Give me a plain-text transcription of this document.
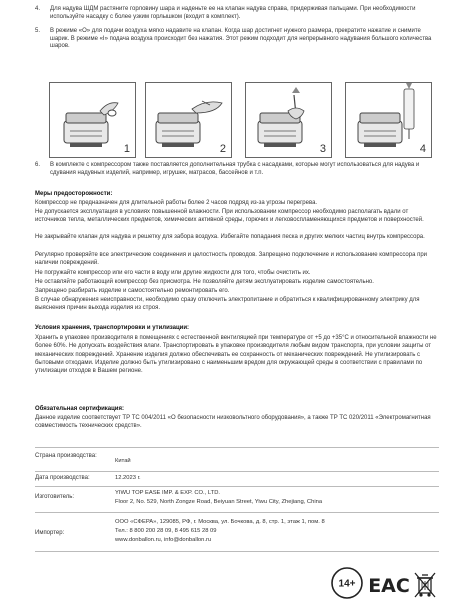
4. Для надува ШДМ растяните горловину шара и наденьте ее на клапан надува справа, придерживая пальцами. При необходимости используйте насадку с более узким горлышком (входит в комплект).
5. В режиме «О» для подачи воздуха мягко надавите на клапан. Когда шар достигнет нужного размера, прекратите нажатие и снимите шарик. В режиме «I» подача воздуха происходит без нажатия. Этот режим подходит для непрерывного надувания большого количества шаров.
1	2	3	4
6. В комплекте с компрессором также поставляется дополнительная трубка с насадками, которые могут использоваться для надува и сдувания надувных изделий, например, игрушек, матрасов, бассейнов и т.п.
Меры предосторожности:
Компрессор не предназначен для длительной работы более 2 часов подряд из-за угрозы перегрева.
Не допускается эксплуатация в условиях повышенной влажности. При использовании компрессор необходимо располагать вдали от источников тепла, металлических предметов, химических активной среды, горючих и легковоспламеняющихся предметов и поверхностей.
Не закрывайте клапан для надува и решетку для забора воздуха. Избегайте попадания песка и других мелких частиц внутрь компрессора.
Регулярно проверяйте все электрические соединения и целостность проводов. Запрещено подключение и использование компрессора при наличии повреждений.
Не погружайте компрессор или его части в воду или другие жидкости для того, чтобы очистить их.
Не оставляйте работающий компрессор без присмотра. Не позволяйте детям эксплуатировать изделие самостоятельно.
Запрещено разбирать изделие и самостоятельно ремонтировать его.
В случае обнаружения неисправности, необходимо сразу отключить электропитание и обратиться к квалифицированному электрику для выяснения причин выхода изделия из строя.
Условия хранения, транспортировки и утилизации:
Хранить в упаковке производителя в помещениях с естественной вентиляцией при температуре от +5 до +35°С и относительной влажности не более 60%. Не допускать воздействия влаги. Транспортировать в упаковке производителя любым видом транспорта, при условии защиты от механических повреждений. Хранение изделия должно обеспечивать ее сохранность от механических повреждений. Не утилизировать с бытовыми отходами. Изделие должно быть утилизировано с наименьшим вредом для окружающей среды в соответствии с правилами по утилизации отходов в Вашем регионе.
Обязательная сертификация:
Данное изделие соответствует ТР ТС 004/2011 «О безопасности низковольтного оборудования», а также ТР ТС 020/2011 «Электромагнитная совместимость технических средств».
Страна производства:
Китай
Дата производства:	12.2023 г.
Изготовитель:
YIWU TOP EASE IMP. & EXP. CO., LTD.
Floor 2, No. 529, North Zongze Road, Beiyuan Street, Yiwu City, Zhejiang, China
Импортер:
ООО «СФЕРА», 129085, РФ, г. Москва, ул. Бочкова, д. 8, стр. 1, этаж 1, пом. 8
Тел.: 8 800 200 28 09, 8 495 615 28 09
www.donballon.ru, info@donballon.ru
14+ EAC
